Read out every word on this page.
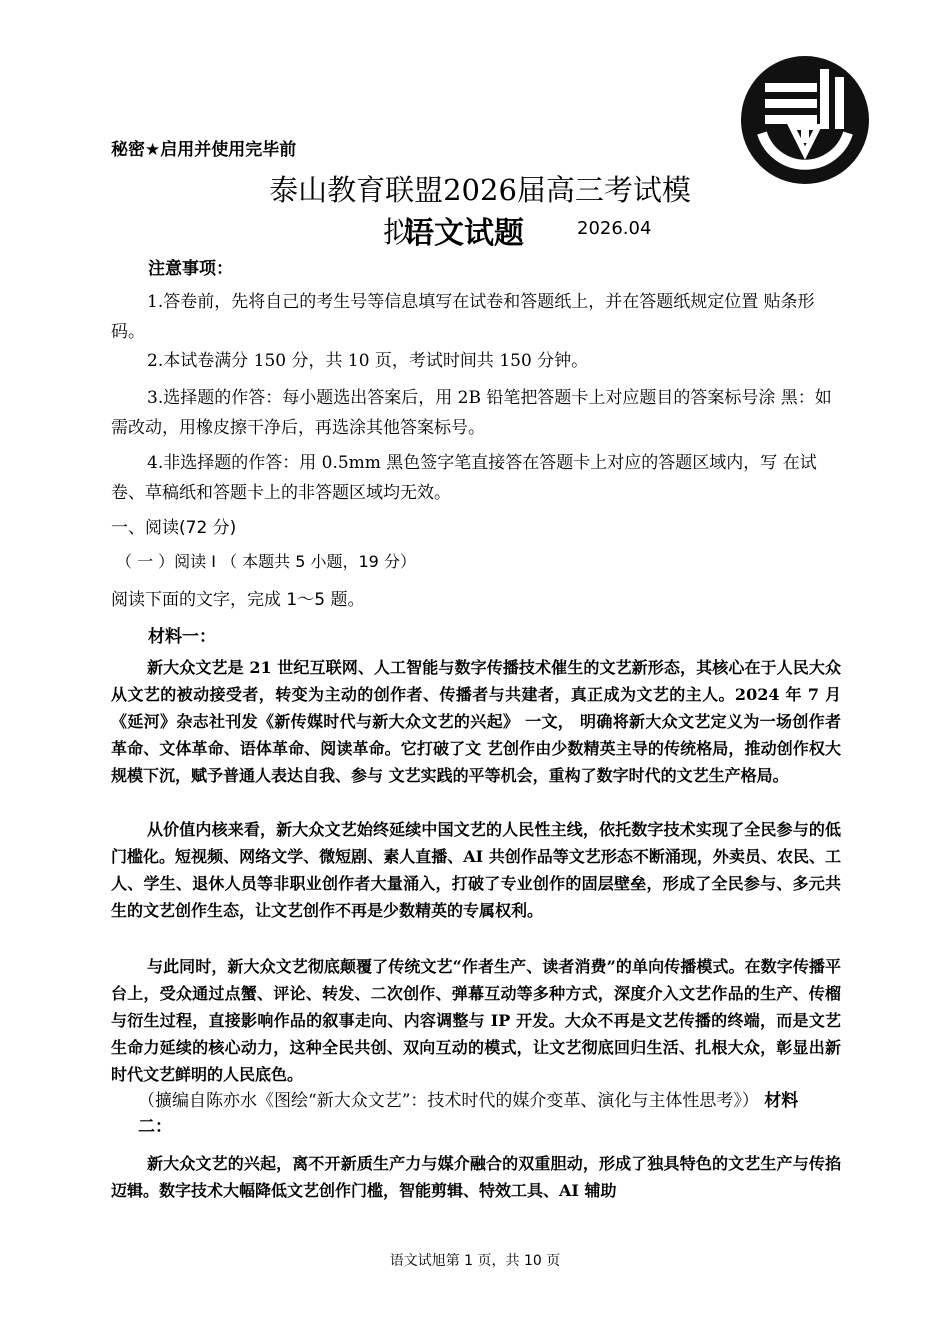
秘密★启用并使用完毕前
泰山教育联盟2026届高三考试模
拟
语文试题	2026.04
注意事项：
1.答卷前，先将自己的考生号等信息填写在试卷和答题纸上，并在答题纸规定位置 贴条形码。
2.本试卷满分 150 分，共 10 页，考试时间共 150 分钟。
3.选择题的作答：每小题选出答案后，用 2B 铅笔把答题卡上对应题目的答案标号涂 黑：如需改动，用橡皮擦干净后，再选涂其他答案标号。
4.非选择题的作答：用 0.5mm 黑色签字笔直接答在答题卡上对应的答题区域内，写 在试卷、草稿纸和答题卡上的非答题区域均无效。
一、阅读(72 分)
（ 一 ）阅读 I （ 本题共 5 小题，19 分）
阅读下面的文字，完成 1～5 题。
材料一：
新大众文艺是 21 世纪互联网、人工智能与数字传播技术催生的文艺新形态，其核心在于人民大众从文艺的被动接受者，转变为主动的创作者、传播者与共建者，真正成为文艺的主人。2024 年 7 月《延河》杂志社刊发《新传媒时代与新大众文艺的兴起》 一文， 明确将新大众文艺定义为一场创作者革命、文体革命、语体革命、阅读革命。它打破了文 艺创作由少数精英主导的传统格局，推动创作权大规模下沉，赋予普通人表达自我、参与 文艺实践的平等机会，重构了数字时代的文艺生产格局。
从价值内核来看，新大众文艺始终延续中国文艺的人民性主线，依托数字技术实现了全民参与的低门槛化。短视频、网络文学、微短剧、素人直播、AI 共创作品等文艺形态不断涌现，外卖员、农民、工人、学生、退休人员等非职业创作者大量涌入，打破了专业创作的固层壁垒，形成了全民参与、多元共生的文艺创作生态，让文艺创作不再是少数精英的专属权利。
与此同时，新大众文艺彻底颠覆了传统文艺“作者生产、读者消费”的单向传播模式。在数字传播平台上，受众通过点蟹、评论、转发、二次创作、弹幕互动等多种方式，深度介入文艺作品的生产、传榴与衍生过程，直接影响作品的叙事走向、内容调整与 IP 开发。大众不再是文艺传播的终端，而是文艺生命力延续的核心动力，这种全民共创、双向互动的模式，让文艺彻底回归生活、扎根大众，彰显出新时代文艺鲜明的人民底色。
（擴编自陈亦水《图绘“新大众文艺”：技术时代的媒介变革、演化与主体性思考》） 材料二：
新大众文艺的兴起，离不开新质生产力与媒介融合的双重胆动，形成了独具特色的文艺生产与传掐迈辑。数字技术大幅降低文艺创作门槛，智能剪辑、特效工具、AI 辅助
语文试旭第 1 页，共 10 页
